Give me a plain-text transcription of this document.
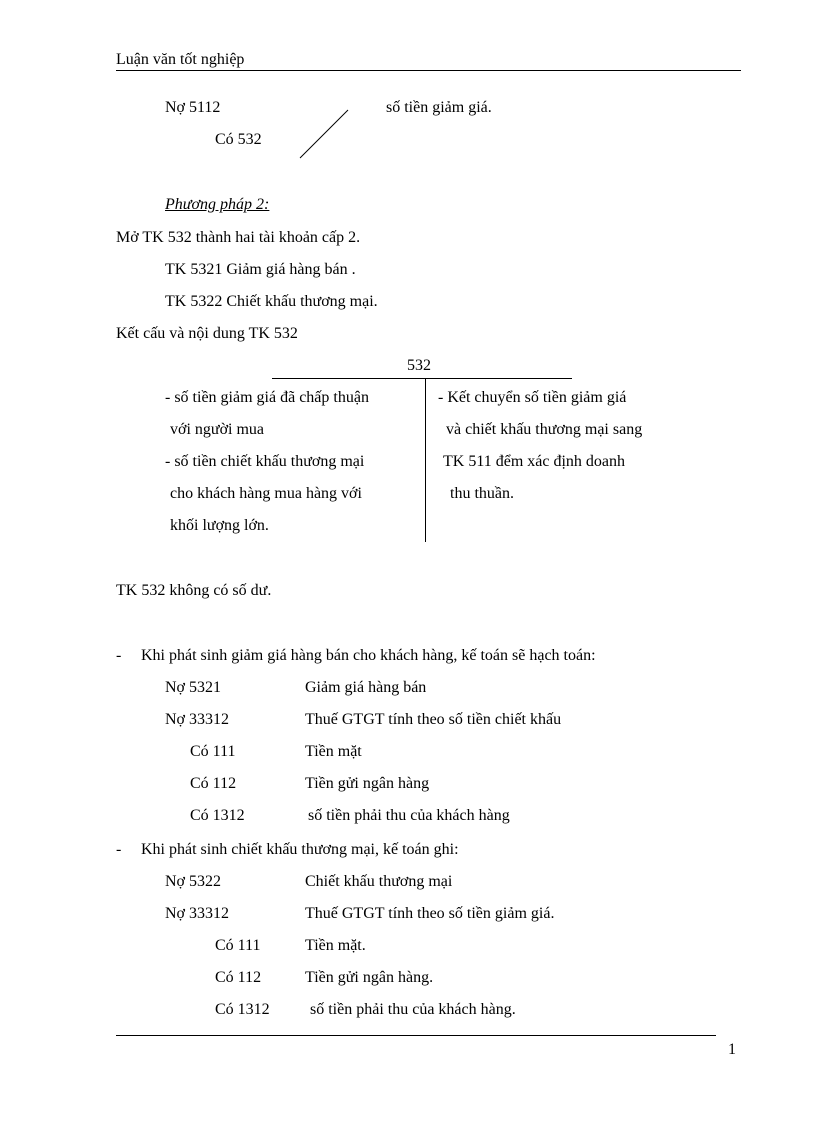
Luận văn tốt nghiệp
Nợ 5112
Có 532
số tiền giảm giá.
Phương pháp 2:
Mở TK 532 thành hai tài khoản cấp 2.
TK 5321 Giảm giá hàng bán .
TK 5322 Chiết khấu thương mại.
Kết cấu và nội dung TK 532
532
- số tiền giảm giá đã chấp thuận
với người mua
- số tiền chiết khấu thương mại
cho khách hàng mua hàng với
khối lượng lớn.
- Kết chuyển số tiền giảm giá
và chiết khấu thương mại sang
TK 511 đểm xác định doanh
thu thuần.
TK 532 không có số dư.
- Khi phát sinh giảm giá hàng bán cho khách hàng, kế toán sẽ hạch toán:
Nợ 5321	Giảm giá hàng bán
Nợ 33312	Thuế GTGT tính theo số tiền chiết khấu
Có 111	Tiền mặt
Có 112	Tiền gửi ngân hàng
Có 1312	số tiền phải thu của khách hàng
- Khi phát sinh chiết khấu thương mại, kế toán ghi:
Nợ 5322	Chiết khấu thương mại
Nợ 33312	Thuế GTGT tính theo số tiền giảm giá.
Có 111	Tiền mặt.
Có 112	Tiền gửi ngân hàng.
Có 1312	số tiền phải thu của khách hàng.
1
